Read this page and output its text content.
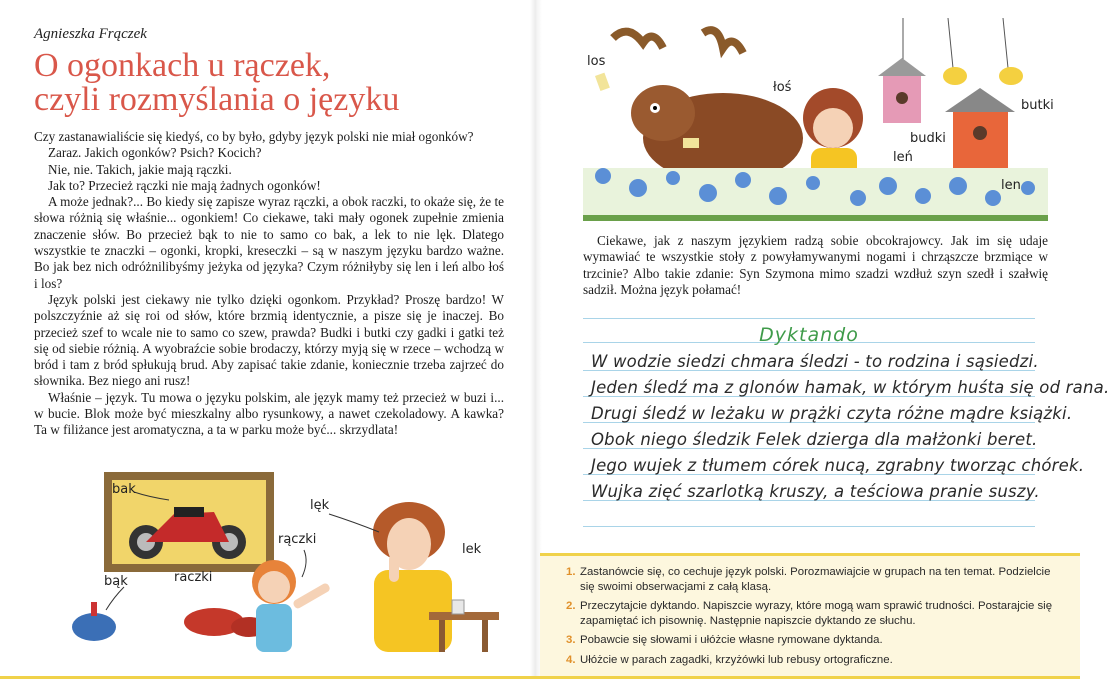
Agnieszka Frączek
O ogonkach u rączek,
czyli rozmyślania o języku

Czy zastanawialiście się kiedyś, co by było, gdyby język polski nie miał ogonków?

Zaraz. Jakich ogonków? Psich? Kocich?

Nie, nie. Takich, jakie mają rączki.

Jak to? Przecież rączki nie mają żadnych ogonków!

A może jednak?... Bo kiedy się zapisze wyraz rączki, a obok raczki, to okaże się, że te słowa różnią się właśnie... ogonkiem! Co ciekawe, taki mały ogonek zupełnie zmienia znaczenie słów. Bo przecież bąk to nie to samo co bak, a lek to nie lęk. Dlatego wszystkie te znaczki – ogonki, kropki, kreseczki – są w naszym języku bardzo ważne. Bo jak bez nich odróżnilibyśmy jeżyka od języka? Czym różniłyby się len i leń albo łoś i los?

Język polski jest ciekawy nie tylko dzięki ogonkom. Przykład? Proszę bardzo! W polszczyźnie aż się roi od słów, które brzmią identycznie, a pisze się je inaczej. Bo przecież szef to wcale nie to samo co szew, prawda? Budki i butki czy gadki i gatki też się od siebie różnią. A wyobraźcie sobie brodaczy, którzy myją się w rzece – wchodzą w bród i tam z bród spłukują brud. Aby zapisać takie zdanie, koniecznie trzeba zajrzeć do słownika. Bez niego ani rusz!

Właśnie – język. Tu mowa o języku polskim, ale język mamy też przecież w buzi i... w bucie. Blok może być mieszkalny albo rysunkowy, a nawet czekoladowy. A kawka? Ta w filiżance jest aromatyczna, a ta w parku może być... skrzydlata!

bak
lęk
rączki
lek
bąk	raczki
los
łoś
butki
budki
leń
len

Ciekawe, jak z naszym językiem radzą sobie obcokrajowcy. Jak im się udaje wymawiać te wszystkie stoły z powyłamywanymi nogami i chrząszcze brzmiące w trzcinie? Albo takie zdanie: Syn Szymona mimo szadzi wzdłuż szyn szedł i szałwię sadził. Można język połamać!

Dyktando
W wodzie siedzi chmara śledzi - to rodzina i sąsiedzi.
Jeden śledź ma z glonów hamak, w którym huśta się od rana.
Drugi śledź w leżaku w prążki czyta różne mądre książki.
Obok niego śledzik Felek dzierga dla małżonki beret.
Jego wujek z tłumem córek nucą, zgrabny tworząc chórek.
Wujka zięć szarlotką kruszy, a teściowa pranie suszy.
1. Zastanówcie się, co cechuje język polski. Porozmawiajcie w grupach na ten temat. Podzielcie się swoimi obserwacjami z całą klasą.
2. Przeczytajcie dyktando. Napiszcie wyrazy, które mogą wam sprawić trudności. Postarajcie się zapamiętać ich pisownię. Następnie napiszcie dyktando ze słuchu.
3. Pobawcie się słowami i ułóżcie własne rymowane dyktanda.
4. Ułóżcie w parach zagadki, krzyżówki lub rebusy ortograficzne.
